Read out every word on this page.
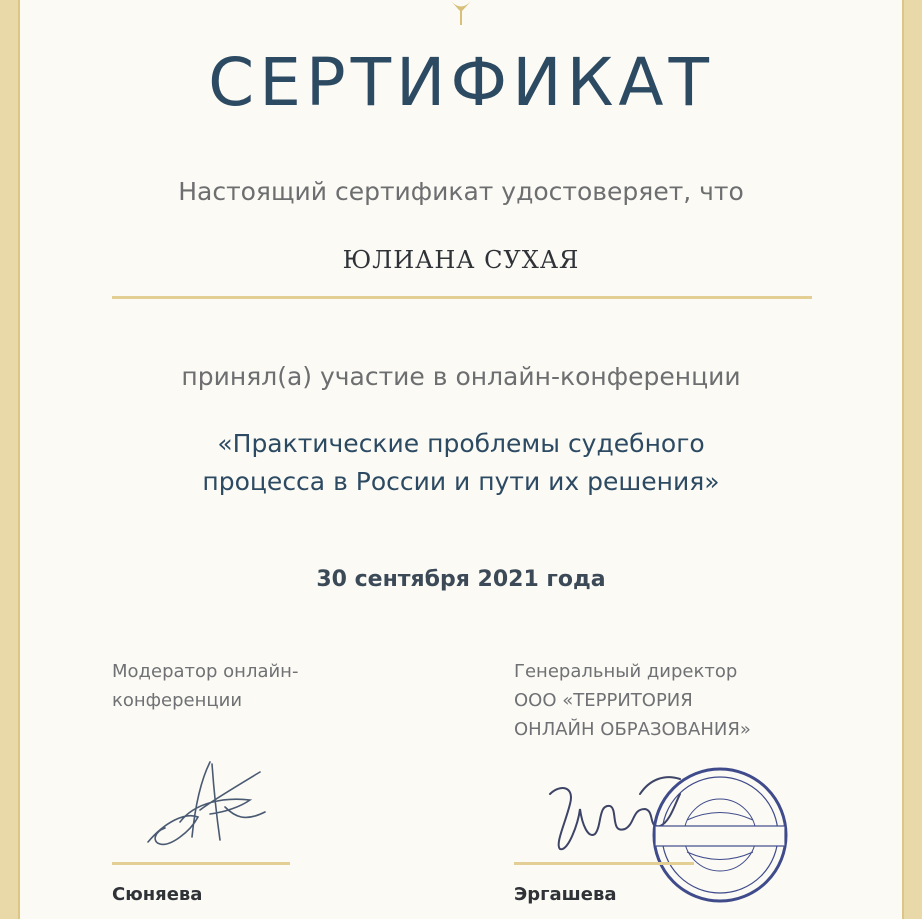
СЕРТИФИКАТ
Настоящий сертификат удостоверяет, что
ЮЛИАНА СУХАЯ
принял(а) участие в онлайн-конференции
«Практические проблемы судебного
процесса в России и пути их решения»
30 сентября 2021 года
Модератор онлайн-
конференции
Генеральный директор
ООО «ТЕРРИТОРИЯ
ОНЛАЙН ОБРАЗОВАНИЯ»
Сюняева	Эргашева
